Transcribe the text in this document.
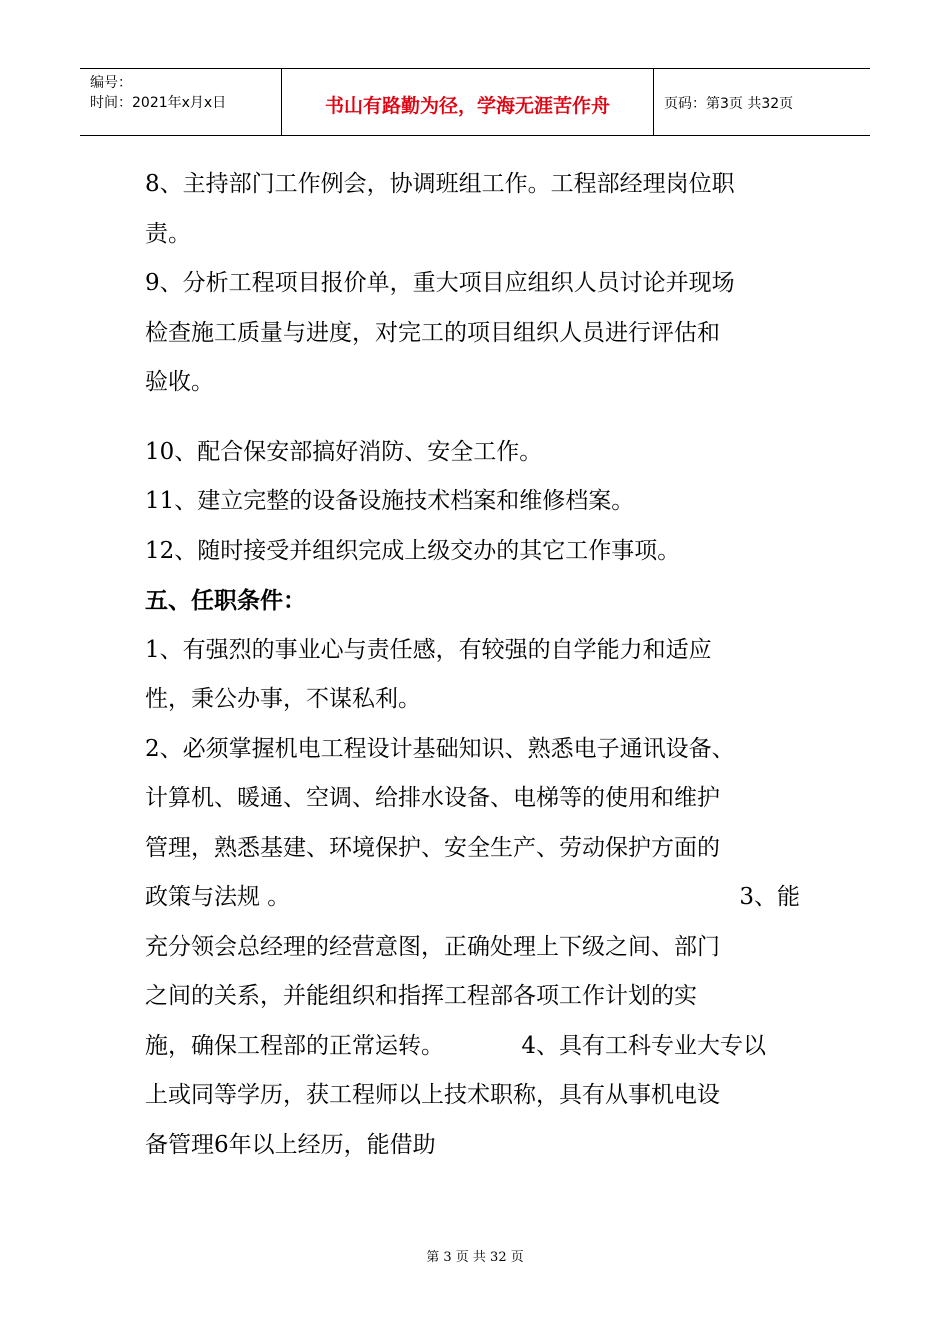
编号：
时间：2021年x月x日	书山有路勤为径，学海无涯苦作舟	页码：第3页 共32页
8、主持部门工作例会，协调班组工作。工程部经理岗位职
责。
9、分析工程项目报价单，重大项目应组织人员讨论并现场
检查施工质量与进度，对完工的项目组织人员进行评估和
验收。
10、配合保安部搞好消防、安全工作。
11、建立完整的设备设施技术档案和维修档案。
12、随时接受并组织完成上级交办的其它工作事项。
五、任职条件：
1、有强烈的事业心与责任感，有较强的自学能力和适应
性，秉公办事，不谋私利。
2、必须掌握机电工程设计基础知识、熟悉电子通讯设备、
计算机、暖通、空调、给排水设备、电梯等的使用和维护
管理，熟悉基建、环境保护、安全生产、劳动保护方面的
政策与法规 。	3、能
充分领会总经理的经营意图，正确处理上下级之间、部门
之间的关系，并能组织和指挥工程部各项工作计划的实
施，确保工程部的正常运转。	4、具有工科专业大专以
上或同等学历，获工程师以上技术职称，具有从事机电设
备管理6年以上经历，能借助
第 3 页 共 32 页
